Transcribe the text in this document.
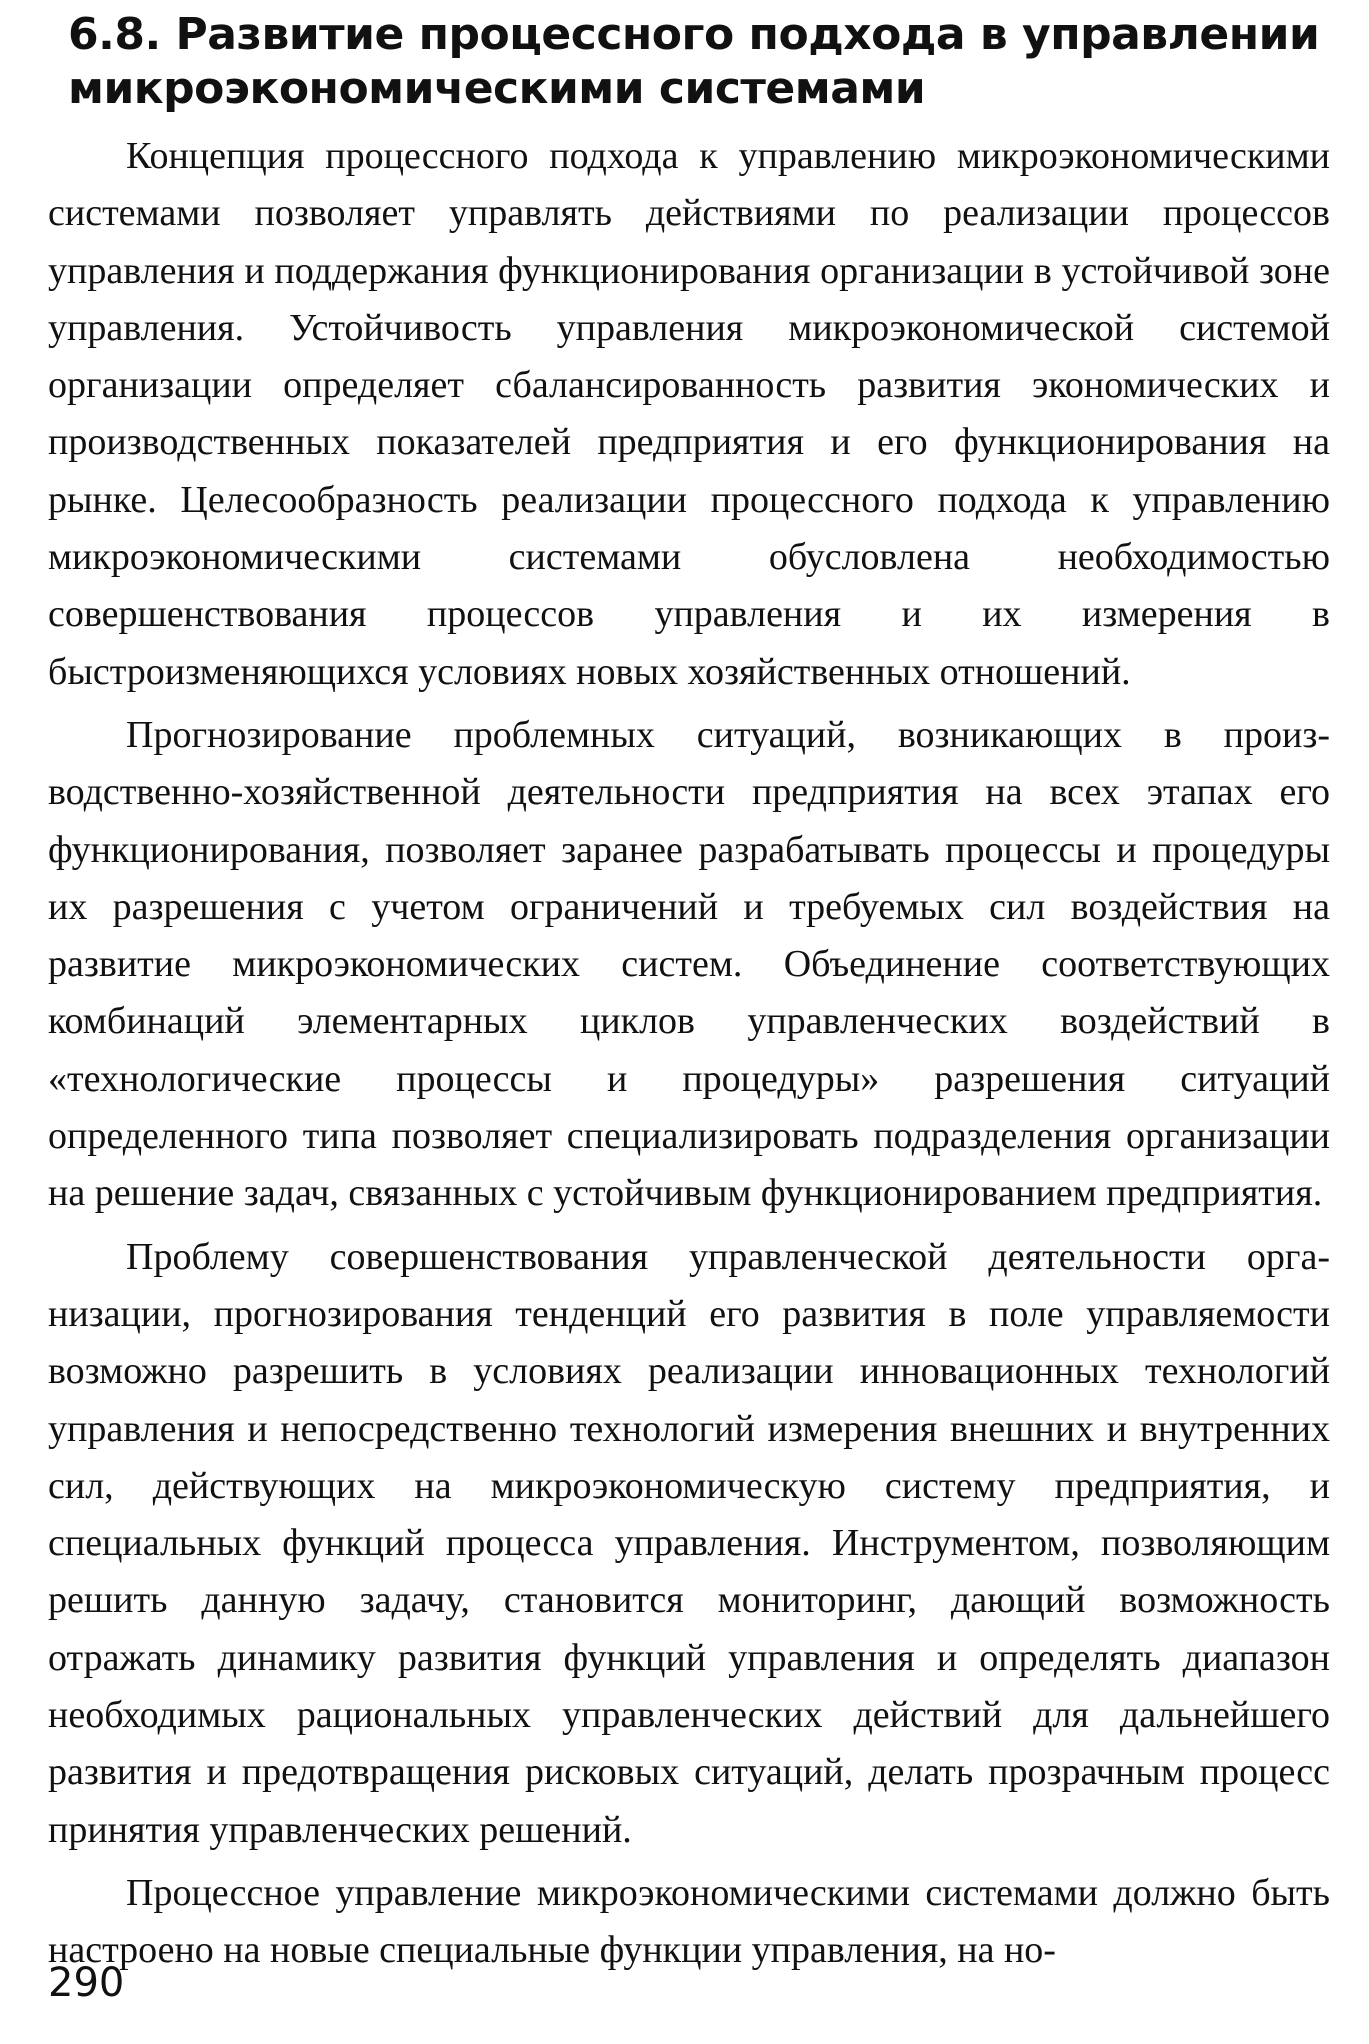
6.8. Развитие процессного подхода в управлении
микроэкономическими системами

Концепция процессного подхода к управлению микроэкономическими системами позволяет управлять действиями по реализации процессов управления и поддержания функционирования организации в устойчивой зоне управления. Устойчивость управления микроэкономической системой организации определяет сбалансированность развития экономических и производственных показателей предприятия и его функционирования на рынке. Целесообразность реализации процессного подхода к управлению микроэкономическими системами обусловлена необходимостью совершенствования процессов управления и их измерения в быстроизменяющихся условиях новых хозяйственных отношений.

Прогнозирование проблемных ситуаций, возникающих в производственно-хозяйственной деятельности предприятия на всех этапах его функционирования, позволяет заранее разрабатывать процессы и процедуры их разрешения с учетом ограничений и требуемых сил воздействия на развитие микроэкономических систем. Объединение соответствующих комбинаций элементарных циклов управленческих воздействий в «технологические процессы и процедуры» разрешения ситуаций определенного типа позволяет специализировать подразделения организации на решение задач, связанных с устойчивым функционированием предприятия.

Проблему совершенствования управленческой деятельности организации, прогнозирования тенденций его развития в поле управляемости возможно разрешить в условиях реализации инновационных технологий управления и непосредственно технологий измерения внешних и внутренних сил, действующих на микроэкономическую систему предприятия, и специальных функций процесса управления. Инструментом, позволяющим решить данную задачу, становится мониторинг, дающий возможность отражать динамику развития функций управления и определять диапазон необходимых рациональных управленческих действий для дальнейшего развития и предотвращения рисковых ситуаций, делать прозрачным процесс принятия управленческих решений.

Процессное управление микроэкономическими системами должно быть настроено на новые специальные функции управления, на но-

290
